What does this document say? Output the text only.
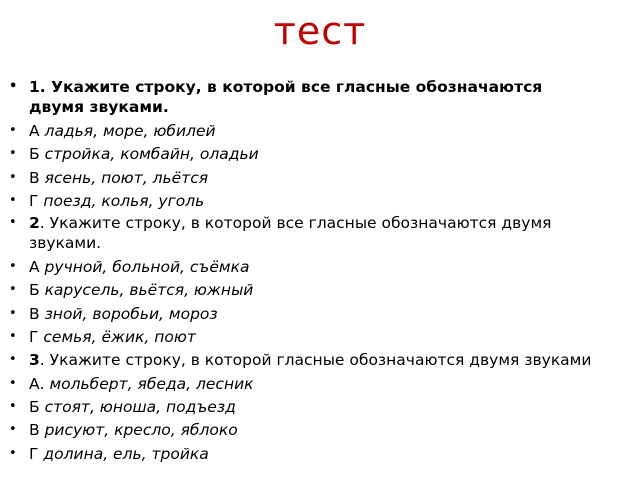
тест
• 1. Укажите строку, в которой все гласные обозначаются двумя звуками.
• А ладья, море, юбилей
• Б стройка, комбайн, оладьи
• В ясень, поют, льётся
• Г поезд, колья, уголь
• 2. Укажите строку, в которой все гласные обозначаются двумя звуками.
• А ручной, больной, съёмка
• Б карусель, вьётся, южный
• В зной, воробьи, мороз
• Г семья, ёжик, поют
• 3. Укажите строку, в которой гласные обозначаются двумя звуками
• А. мольберт, ябеда, лесник
• Б стоят, юноша, подъезд
• В рисуют, кресло, яблоко
• Г долина, ель, тройка
